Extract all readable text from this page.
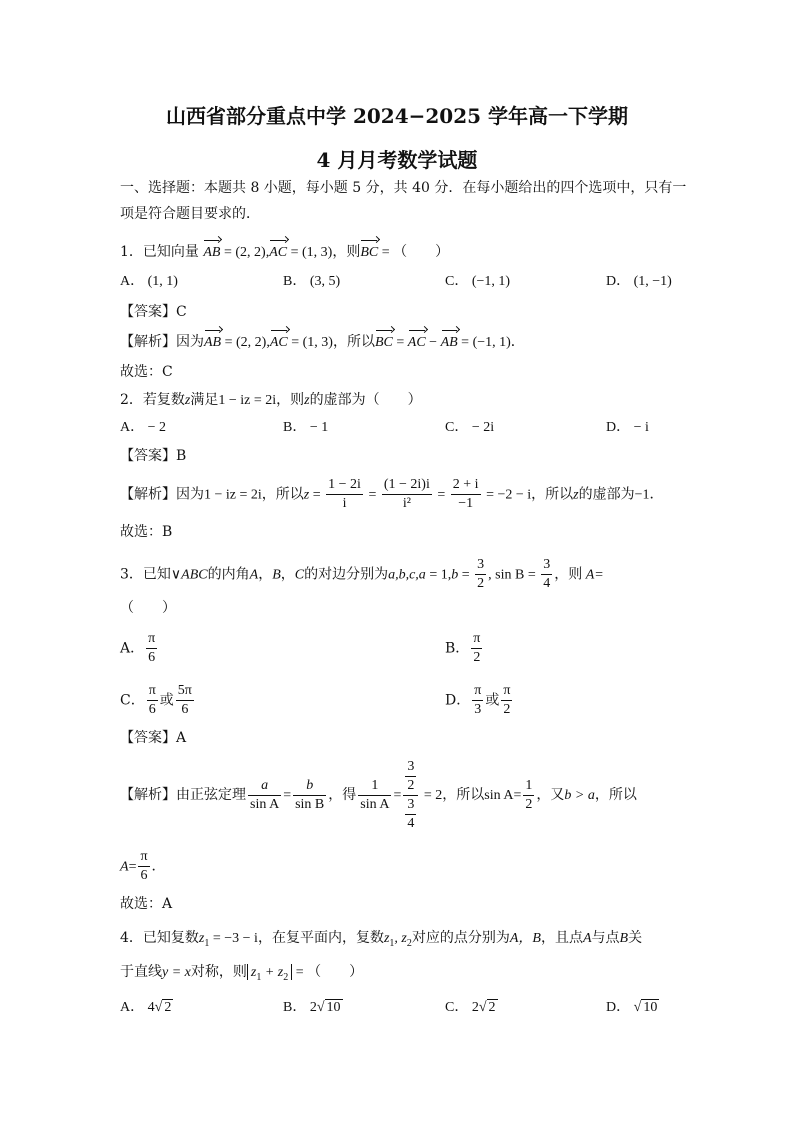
山西省部分重点中学 2024−2025 学年高一下学期
4 月月考数学试题
一、选择题：本题共 8 小题，每小题 5 分，共 40 分．在每小题给出的四个选项中，只有一
项是符合题目要求的．
1．已知向量 AB = (2, 2),AC = (1, 3)，则BC = （　　）
A． (1, 1)	B． (3, 5)	C． (−1, 1)	D． (1, −1)
【答案】C
【解析】因为AB = (2, 2),AC = (1, 3)，所以BC = AC − AB = (−1, 1)．
故选：C
2．若复数z满足1 − iz = 2i，则z的虚部为（　　）
A． − 2	B． − 1	C． − 2i	D． − i
【答案】B
【解析】因为1 − iz = 2i，所以$z = \frac{1 - 2i}{i} = \frac{(1 - 2i)i}{\text{i²}} = \frac{2 + i}{-1} = -2 - i$，所以z的虚部为−1．
故选：B
3．已知∨ABC的内角A，B，C的对边分别为$a,b,c,a = 1,b = \frac{3}{2}$ , $\sin B = \frac{3}{4}$ ，则 A=
（　　）
A． $\frac{\pi}{6}$	B． $\frac{\pi}{2}$
C． $\frac{\pi}{6}$ 或 $\frac{5\pi}{6}$	D． $\frac{\pi}{3}$ 或 $\frac{\pi}{2}$
【答案】A
【解析】由正弦定理 $\frac{a}{\text{sin A}} = \frac{b}{\text{sin B}}$ ，得 $\frac{1}{\text{sin A}} = \frac{\frac{3}{2}}{\frac{3}{4}} = 2$，所以$\sin A= \frac{1}{2}$ ，又b > a，所以
$A= \frac{\pi}{6}$ ．
故选：A
4．已知复数$z_1 = -3 - i$，在复平面内，复数$z_1$, $z_2$对应的点分别为A，B，且点A与点B关
于直线y = x对称，则 $z_1 + z_2$ = （　　）
A． 4√ 2	B． 2√ 10	C． 2√ 2	D． √ 10
